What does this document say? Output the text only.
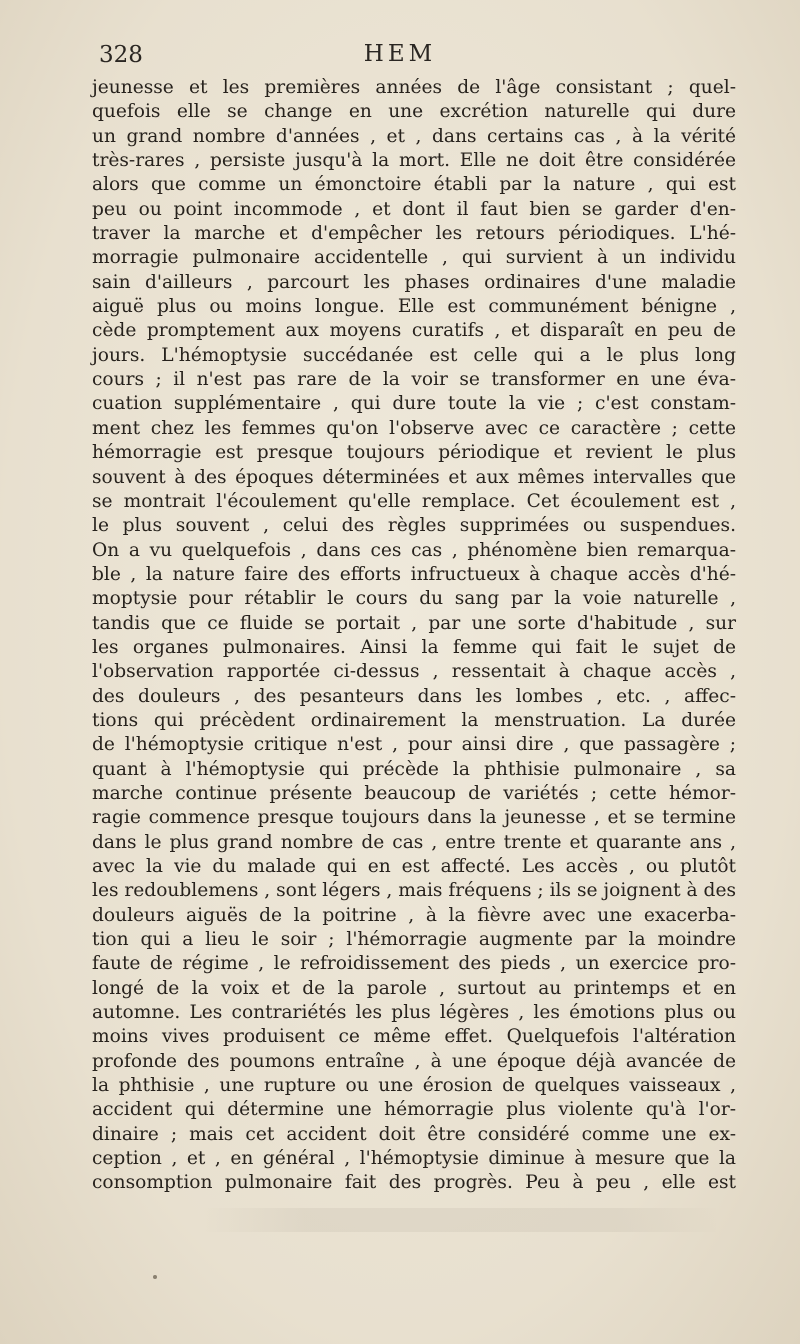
328	HEM
jeunesse et les premières années de l'âge consistant ; quel-
quefois elle se change en une excrétion naturelle qui dure
un grand nombre d'années , et , dans certains cas , à la vérité
très-rares , persiste jusqu'à la mort. Elle ne doit être considérée
alors que comme un émonctoire établi par la nature , qui est
peu ou point incommode , et dont il faut bien se garder d'en-
traver la marche et d'empêcher les retours périodiques. L'hé-
morragie pulmonaire accidentelle , qui survient à un individu
sain d'ailleurs , parcourt les phases ordinaires d'une maladie
aiguë plus ou moins longue. Elle est communément bénigne ,
cède promptement aux moyens curatifs , et disparaît en peu de
jours. L'hémoptysie succédanée est celle qui a le plus long
cours ; il n'est pas rare de la voir se transformer en une éva-
cuation supplémentaire , qui dure toute la vie ; c'est constam-
ment chez les femmes qu'on l'observe avec ce caractère ; cette
hémorragie est presque toujours périodique et revient le plus
souvent à des époques déterminées et aux mêmes intervalles que
se montrait l'écoulement qu'elle remplace. Cet écoulement est ,
le plus souvent , celui des règles supprimées ou suspendues.
On a vu quelquefois , dans ces cas , phénomène bien remarqua-
ble , la nature faire des efforts infructueux à chaque accès d'hé-
moptysie pour rétablir le cours du sang par la voie naturelle ,
tandis que ce fluide se portait , par une sorte d'habitude , sur
les organes pulmonaires. Ainsi la femme qui fait le sujet de
l'observation rapportée ci-dessus , ressentait à chaque accès ,
des douleurs , des pesanteurs dans les lombes , etc. , affec-
tions qui précèdent ordinairement la menstruation. La durée
de l'hémoptysie critique n'est , pour ainsi dire , que passagère ;
quant à l'hémoptysie qui précède la phthisie pulmonaire , sa
marche continue présente beaucoup de variétés ; cette hémor-
ragie commence presque toujours dans la jeunesse , et se termine
dans le plus grand nombre de cas , entre trente et quarante ans ,
avec la vie du malade qui en est affecté. Les accès , ou plutôt
les redoublemens , sont légers , mais fréquens ; ils se joignent à des
douleurs aiguës de la poitrine , à la fièvre avec une exacerba-
tion qui a lieu le soir ; l'hémorragie augmente par la moindre
faute de régime , le refroidissement des pieds , un exercice pro-
longé de la voix et de la parole , surtout au printemps et en
automne. Les contrariétés les plus légères , les émotions plus ou
moins vives produisent ce même effet. Quelquefois l'altération
profonde des poumons entraîne , à une époque déjà avancée de
la phthisie , une rupture ou une érosion de quelques vaisseaux ,
accident qui détermine une hémorragie plus violente qu'à l'or-
dinaire ; mais cet accident doit être considéré comme une ex-
ception , et , en général , l'hémoptysie diminue à mesure que la
consomption pulmonaire fait des progrès. Peu à peu , elle est
